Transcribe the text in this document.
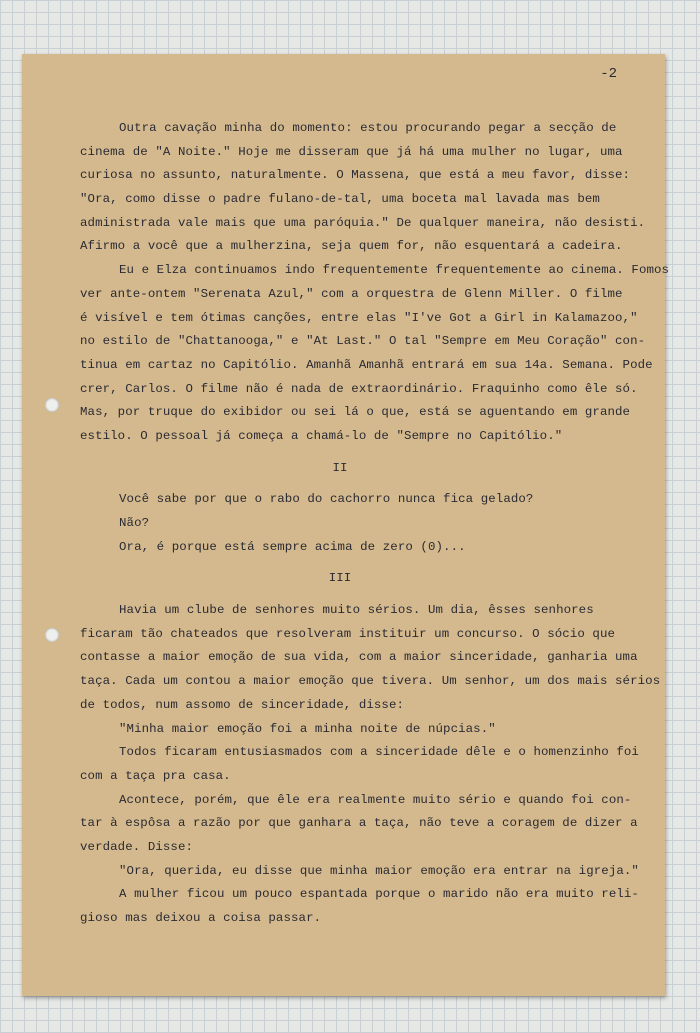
-2
Outra cavação minha do momento: estou procurando pegar a secção de
cinema de "A Noite." Hoje me disseram que já há uma mulher no lugar, uma
curiosa no assunto, naturalmente. O Massena, que está a meu favor, disse:
"Ora, como disse o padre fulano-de-tal, uma boceta mal lavada mas bem
administrada vale mais que uma paróquia." De qualquer maneira, não desisti.
Afirmo a você que a mulherzina, seja quem for, não esquentará a cadeira.
Eu e Elza continuamos indo frequentemente frequentemente ao cinema. Fomos
ver ante-ontem "Serenata Azul," com a orquestra de Glenn Miller. O filme
é visível e tem ótimas canções, entre elas "I've Got a Girl in Kalamazoo,"
no estilo de "Chattanooga," e "At Last." O tal "Sempre em Meu Coração" con-
tinua em cartaz no Capitólio. Amanhã Amanhã entrará em sua 14a. Semana. Pode
crer, Carlos. O filme não é nada de extraordinário. Fraquinho como êle só.
Mas, por truque do exibidor ou sei lá o que, está se aguentando em grande
estilo. O pessoal já começa a chamá-lo de "Sempre no Capitólio."
II
Você sabe por que o rabo do cachorro nunca fica gelado?
Não?
Ora, é porque está sempre acima de zero (0)...
III
Havia um clube de senhores muito sérios. Um dia, êsses senhores
ficaram tão chateados que resolveram instituir um concurso. O sócio que
contasse a maior emoção de sua vida, com a maior sinceridade, ganharia uma
taça. Cada um contou a maior emoção que tivera. Um senhor, um dos mais sérios
de todos, num assomo de sinceridade, disse:
"Minha maior emoção foi a minha noite de núpcias."
Todos ficaram entusiasmados com a sinceridade dêle e o homenzinho foi
com a taça pra casa.
Acontece, porém, que êle era realmente muito sério e quando foi con-
tar à espôsa a razão por que ganhara a taça, não teve a coragem de dizer a
verdade. Disse:
"Ora, querida, eu disse que minha maior emoção era entrar na igreja."
A mulher ficou um pouco espantada porque o marido não era muito reli-
gioso mas deixou a coisa passar.
